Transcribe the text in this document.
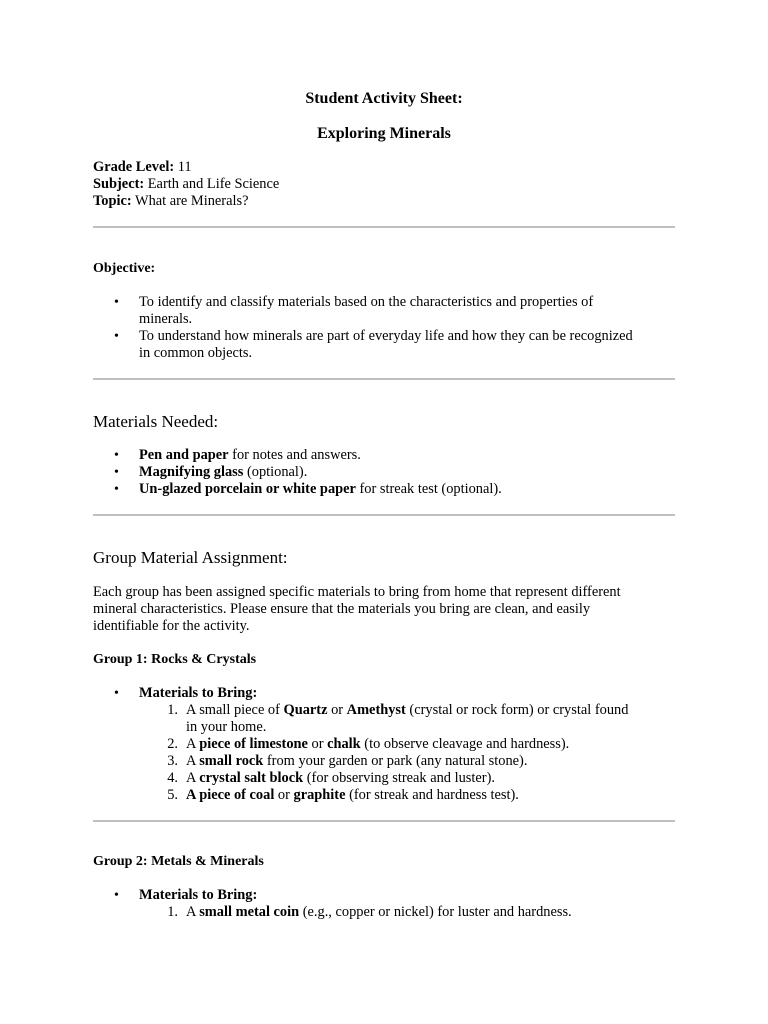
Student Activity Sheet:
Exploring Minerals
Grade Level: 11
Subject: Earth and Life Science
Topic: What are Minerals?
Objective:
•	To identify and classify materials based on the characteristics and properties of
minerals.
•	To understand how minerals are part of everyday life and how they can be recognized
in common objects.
Materials Needed:
•	Pen and paper for notes and answers.
•	Magnifying glass (optional).
•	Un-glazed porcelain or white paper for streak test (optional).
Group Material Assignment:
Each group has been assigned specific materials to bring from home that represent different
mineral characteristics. Please ensure that the materials you bring are clean, and easily
identifiable for the activity.
Group 1: Rocks & Crystals
•	Materials to Bring:
1. A small piece of Quartz or Amethyst (crystal or rock form) or crystal found
in your home.
2. A piece of limestone or chalk (to observe cleavage and hardness).
3. A small rock from your garden or park (any natural stone).
4. A crystal salt block (for observing streak and luster).
5. A piece of coal or graphite (for streak and hardness test).
Group 2: Metals & Minerals
•	Materials to Bring:
1. A small metal coin (e.g., copper or nickel) for luster and hardness.
